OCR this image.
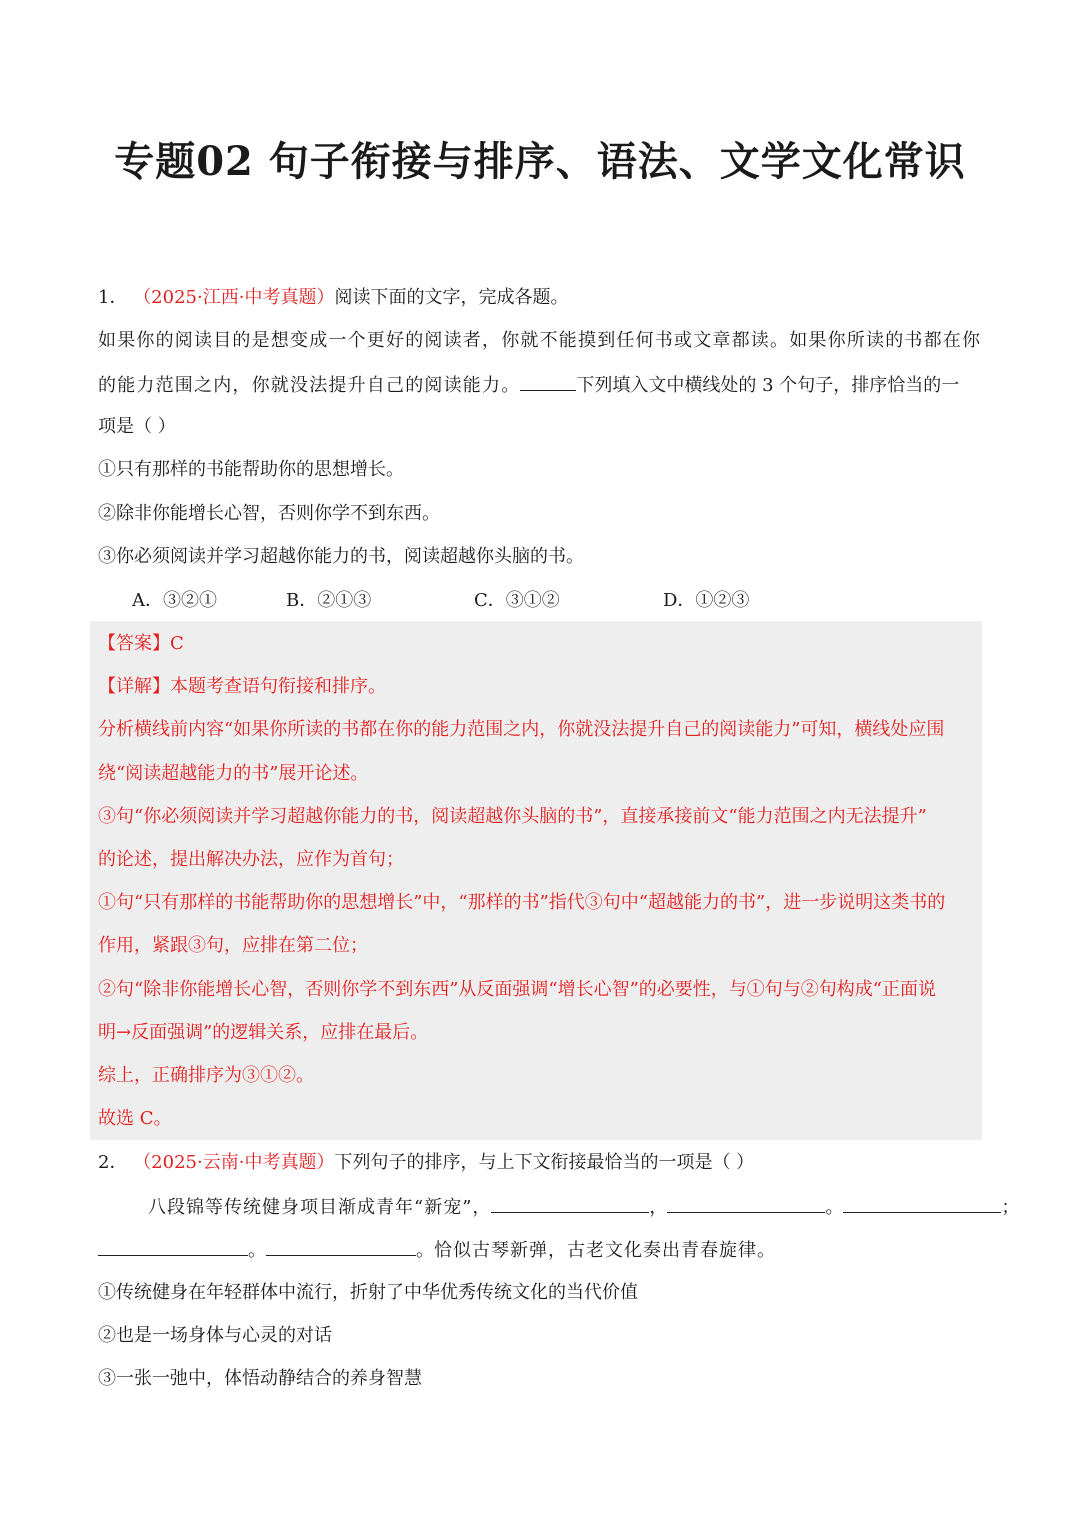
专题02 句子衔接与排序、语法、文学文化常识
1． （2025·江西·中考真题）阅读下面的文字，完成各题。
如果你的阅读目的是想变成一个更好的阅读者，你就不能摸到任何书或文章都读。如果你所读的书都在你
的能力范围之内，你就没法提升自己的阅读能力。	下列填入文中横线处的 3 个句子，排序恰当的一
项是（ ）
①只有那样的书能帮助你的思想增长。
②除非你能增长心智，否则你学不到东西。
③你必须阅读并学习超越你能力的书，阅读超越你头脑的书。
A．③②①	B．②①③	C．③①②	D．①②③
【答案】C
【详解】本题考查语句衔接和排序。
分析横线前内容“如果你所读的书都在你的能力范围之内，你就没法提升自己的阅读能力”可知，横线处应围
绕“阅读超越能力的书”展开论述。
③句“你必须阅读并学习超越你能力的书，阅读超越你头脑的书”，直接承接前文“能力范围之内无法提升”
的论述，提出解决办法，应作为首句；
①句“只有那样的书能帮助你的思想增长”中，“那样的书”指代③句中“超越能力的书”，进一步说明这类书的
作用，紧跟③句，应排在第二位；
②句“除非你能增长心智，否则你学不到东西”从反面强调“增长心智”的必要性，与①句与②句构成“正面说
明→反面强调”的逻辑关系，应排在最后。
综上，正确排序为③①②。
故选 C。
2． （2025·云南·中考真题）下列句子的排序，与上下文衔接最恰当的一项是（ ）
八段锦等传统健身项目渐成青年“新宠”，	，	。	；
。	。恰似古琴新弹，古老文化奏出青春旋律。
①传统健身在年轻群体中流行，折射了中华优秀传统文化的当代价值
②也是一场身体与心灵的对话
③一张一弛中，体悟动静结合的养身智慧
